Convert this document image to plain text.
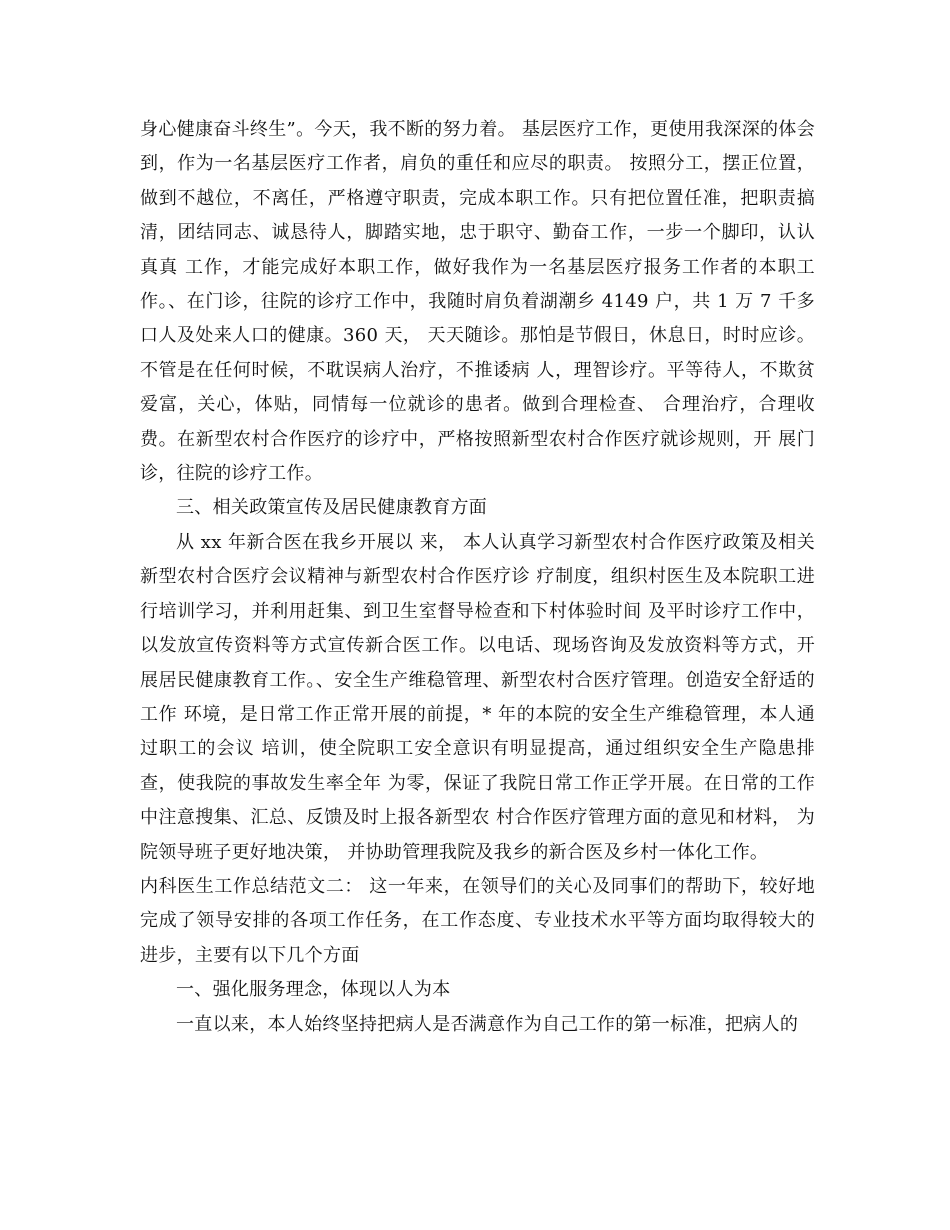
身心健康奋斗终生”。今天，我不断的努力着。 基层医疗工作，更使用我深深的体会到，作为一名基层医疗工作者，肩负的重任和应尽的职责。 按照分工，摆正位置，做到不越位，不离任，严格遵守职责，完成本职工作。只有把位置任准，把职责搞清，团结同志、诚恳待人，脚踏实地，忠于职守、勤奋工作，一步一个脚印，认认真真 工作，才能完成好本职工作，做好我作为一名基层医疗报务工作者的本职工作。、在门诊，往院的诊疗工作中，我随时肩负着湖潮乡 4149 户，共 1 万 7 千多口人及处来人口的健康。360 天， 天天随诊。那怕是节假日，休息日，时时应诊。不管是在任何时候，不耽误病人治疗，不推诿病 人，理智诊疗。平等待人，不欺贫爱富，关心，体贴，同情每一位就诊的患者。做到合理检查、 合理治疗，合理收费。在新型农村合作医疗的诊疗中，严格按照新型农村合作医疗就诊规则，开 展门诊，往院的诊疗工作。

三、相关政策宣传及居民健康教育方面

从 xx 年新合医在我乡开展以 来， 本人认真学习新型农村合作医疗政策及相关新型农村合医疗会议精神与新型农村合作医疗诊 疗制度，组织村医生及本院职工进行培训学习，并利用赶集、到卫生室督导检查和下村体验时间 及平时诊疗工作中，以发放宣传资料等方式宣传新合医工作。以电话、现场咨询及发放资料等方式，开展居民健康教育工作。、安全生产维稳管理、新型农村合医疗管理。创造安全舒适的工作 环境，是日常工作正常开展的前提，* 年的本院的安全生产维稳管理，本人通过职工的会议 培训，使全院职工安全意识有明显提高，通过组织安全生产隐患排查，使我院的事故发生率全年 为零，保证了我院日常工作正学开展。在日常的工作中注意搜集、汇总、反馈及时上报各新型农 村合作医疗管理方面的意见和材料， 为院领导班子更好地决策， 并协助管理我院及我乡的新合医及乡村一体化工作。

内科医生工作总结范文二： 这一年来，在领导们的关心及同事们的帮助下，较好地完成了领导安排的各项工作任务，在工作态度、专业技术水平等方面均取得较大的进步，主要有以下几个方面

一、强化服务理念，体现以人为本

一直以来，本人始终坚持把病人是否满意作为自己工作的第一标准，把病人的
